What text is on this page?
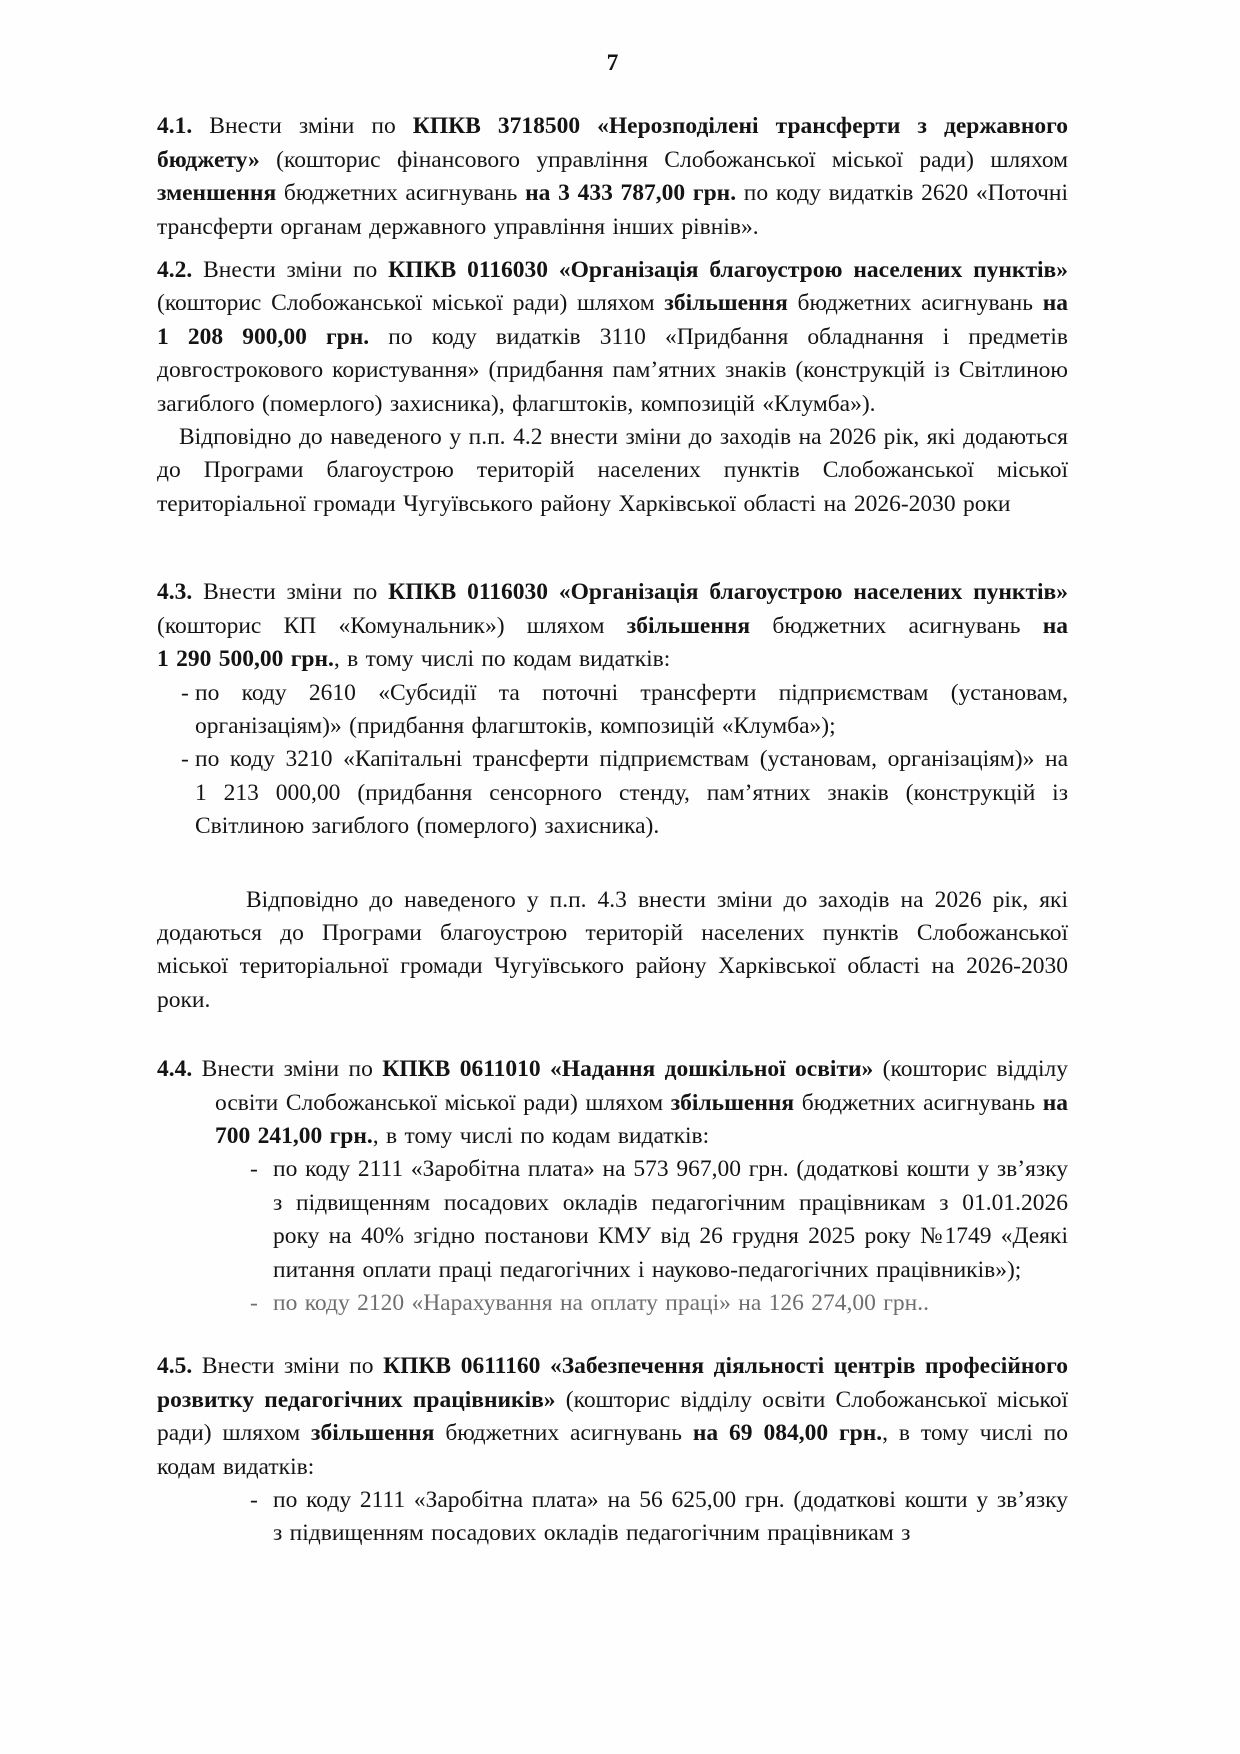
7

4.1. Внести зміни по КПКВ 3718500 «Нерозподілені трансферти з державного бюджету» (кошторис фінансового управління Слобожанської міської ради) шляхом зменшення бюджетних асигнувань на 3 433 787,00 грн. по коду видатків 2620 «Поточні трансферти органам державного управління інших рівнів».

4.2. Внести зміни по КПКВ 0116030 «Організація благоустрою населених пунктів» (кошторис Слобожанської міської ради) шляхом збільшення бюджетних асигнувань на 1 208 900,00 грн. по коду видатків 3110 «Придбання обладнання і предметів довгострокового користування» (придбання пам’ятних знаків (конструкцій із Світлиною загиблого (померлого) захисника), флагштоків, композицій «Клумба»).

Відповідно до наведеного у п.п. 4.2 внести зміни до заходів на 2026 рік, які додаються до Програми благоустрою територій населених пунктів Слобожанської міської територіальної громади Чугуївського району Харківської області на 2026-2030 роки

4.3. Внести зміни по КПКВ 0116030 «Організація благоустрою населених пунктів» (кошторис КП «Комунальник») шляхом збільшення бюджетних асигнувань на 1 290 500,00 грн., в тому числі по кодам видатків:

- по коду 2610 «Субсидії та поточні трансферти підприємствам (установам, організаціям)» (придбання флагштоків, композицій «Клумба»);
- по коду 3210 «Капітальні трансферти підприємствам (установам, організаціям)» на 1 213 000,00 (придбання сенсорного стенду, пам’ятних знаків (конструкцій із Світлиною загиблого (померлого) захисника).

Відповідно до наведеного у п.п. 4.3 внести зміни до заходів на 2026 рік, які додаються до Програми благоустрою територій населених пунктів Слобожанської міської територіальної громади Чугуївського району Харківської області на 2026-2030 роки.

4.4. Внести зміни по КПКВ 0611010 «Надання дошкільної освіти» (кошторис відділу освіти Слобожанської міської ради) шляхом збільшення бюджетних асигнувань на 700 241,00 грн., в тому числі по кодам видатків:

- по коду 2111 «Заробітна плата» на 573 967,00 грн. (додаткові кошти у зв’язку з підвищенням посадових окладів педагогічним працівникам з 01.01.2026 року на 40% згідно постанови КМУ від 26 грудня 2025 року №1749 «Деякі питання оплати праці педагогічних і науково-педагогічних працівників»);
- по коду 2120 «Нарахування на оплату праці» на 126 274,00 грн..

4.5. Внести зміни по КПКВ 0611160 «Забезпечення діяльності центрів професійного розвитку педагогічних працівників» (кошторис відділу освіти Слобожанської міської ради) шляхом збільшення бюджетних асигнувань на 69 084,00 грн., в тому числі по кодам видатків:

- по коду 2111 «Заробітна плата» на 56 625,00 грн. (додаткові кошти у зв’язку з підвищенням посадових окладів педагогічним працівникам з
